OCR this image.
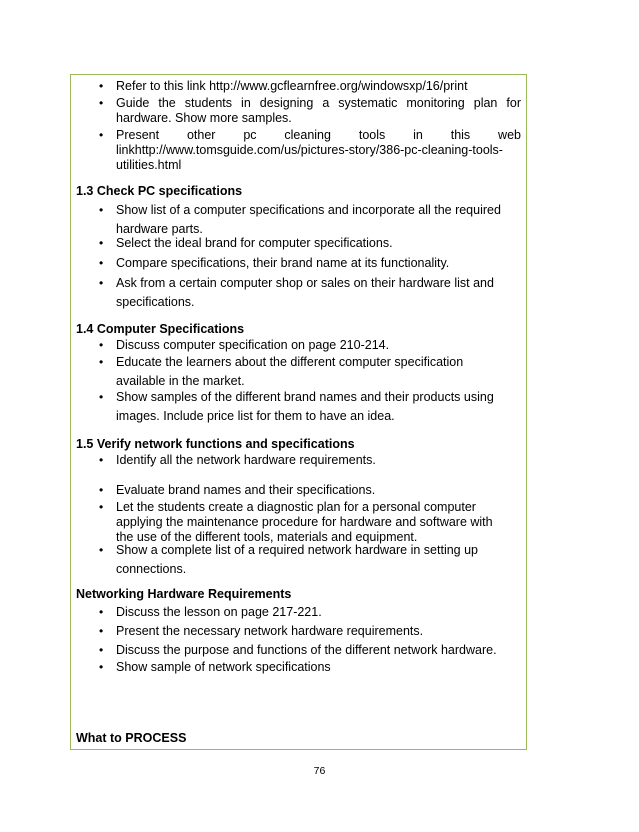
• Refer to this link http://www.gcflearnfree.org/windowsxp/16/print
• Guide the students in designing a systematic monitoring plan for
hardware. Show more samples.
• Present other pc cleaning tools in this web
linkhttp://www.tomsguide.com/us/pictures-story/386-pc-cleaning-tools-
utilities.html
1.3 Check PC specifications
• Show list of a computer specifications and incorporate all the required
hardware parts.
• Select the ideal brand for computer specifications.
• Compare specifications, their brand name at its functionality.
• Ask from a certain computer shop or sales on their hardware list and
specifications.
1.4 Computer Specifications
• Discuss computer specification on page 210-214.
• Educate the learners about the different computer specification
available in the market.
• Show samples of the different brand names and their products using
images. Include price list for them to have an idea.
1.5 Verify network functions and specifications
• Identify all the network hardware requirements.
• Evaluate brand names and their specifications.
• Let the students create a diagnostic plan for a personal computer
applying the maintenance procedure for hardware and software with
the use of the different tools, materials and equipment.
• Show a complete list of a required network hardware in setting up
connections.
Networking Hardware Requirements
• Discuss the lesson on page 217-221.
• Present the necessary network hardware requirements.
• Discuss the purpose and functions of the different network hardware.
• Show sample of network specifications
What to PROCESS
76
